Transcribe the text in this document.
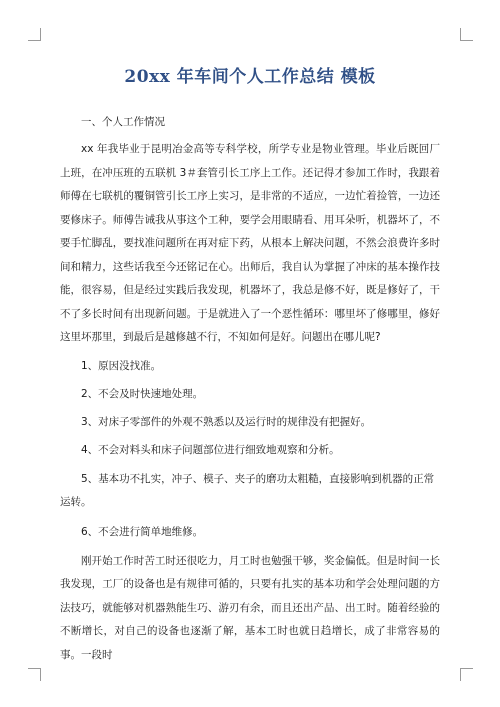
20xx 年车间个人工作总结 模板

一、个人工作情况

xx 年我毕业于昆明冶金高等专科学校，所学专业是物业管理。毕业后既回厂上班，在冲压班的五联机 3＃套管引长工序上工作。还记得才参加工作时，我跟着师傅在七联机的覆铜管引长工序上实习，是非常的不适应，一边忙着捡管，一边还要修床子。师傅告诫我从事这个工种，要学会用眼睛看、用耳朵听，机器坏了，不要手忙脚乱，要找准问题所在再对症下药，从根本上解决问题，不然会浪费许多时间和精力，这些话我至今还铭记在心。出师后，我自认为掌握了冲床的基本操作技能，很容易，但是经过实践后我发现，机器坏了，我总是修不好，既是修好了，干不了多长时间有出现新问题。于是就进入了一个恶性循环：哪里坏了修哪里，修好这里坏那里，到最后是越修越不行，不知如何是好。问题出在哪儿呢?

1、原因没找准。

2、不会及时快速地处理。

3、对床子零部件的外观不熟悉以及运行时的规律没有把握好。

4、不会对料头和床子问题部位进行细致地观察和分析。

5、基本功不扎实，冲子、模子、夹子的磨功太粗糙，直接影响到机器的正常运转。

6、不会进行简单地维修。

刚开始工作时苦工时还很吃力，月工时也勉强干够，奖金偏低。但是时间一长我发现，工厂的设备也是有规律可循的，只要有扎实的基本功和学会处理问题的方法技巧，就能够对机器熟能生巧、游刃有余，而且还出产品、出工时。随着经验的不断增长，对自己的设备也逐渐了解，基本工时也就日趋增长，成了非常容易的事。一段时
